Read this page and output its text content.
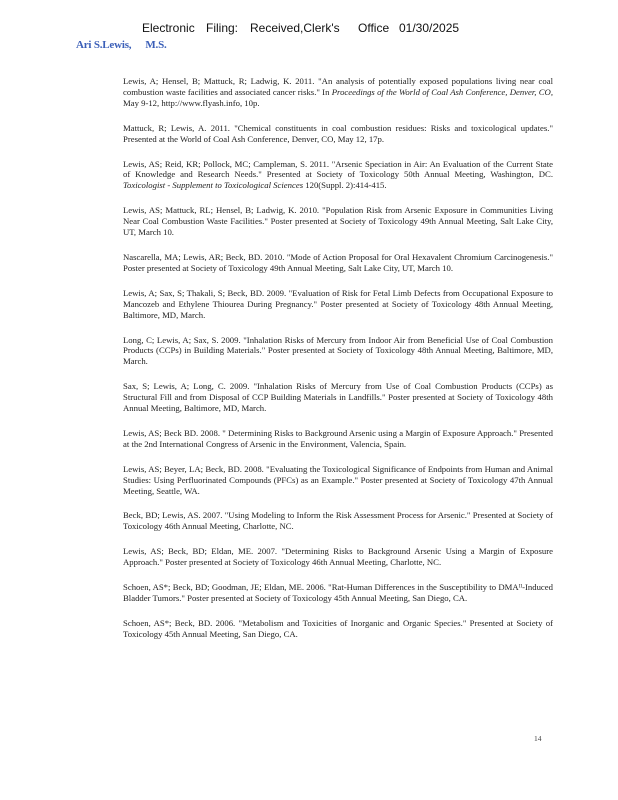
Electronic Filing: Received,Clerk's Office 01/30/2025
Ari S.Lewis, M.S.

Lewis, A; Hensel, B; Mattuck, R; Ladwig, K. 2011. "An analysis of potentially exposed populations living near coal combustion waste facilities and associated cancer risks." In Proceedings of the World of Coal Ash Conference, Denver, CO, May 9-12, http://www.flyash.info, 10p.

Mattuck, R; Lewis, A. 2011. "Chemical constituents in coal combustion residues: Risks and toxicological updates." Presented at the World of Coal Ash Conference, Denver, CO, May 12, 17p.

Lewis, AS; Reid, KR; Pollock, MC; Campleman, S. 2011. "Arsenic Speciation in Air: An Evaluation of the Current State of Knowledge and Research Needs." Presented at Society of Toxicology 50th Annual Meeting, Washington, DC. Toxicologist - Supplement to Toxicological Sciences 120(Suppl. 2):414-415.

Lewis, AS; Mattuck, RL; Hensel, B; Ladwig, K. 2010. "Population Risk from Arsenic Exposure in Communities Living Near Coal Combustion Waste Facilities." Poster presented at Society of Toxicology 49th Annual Meeting, Salt Lake City, UT, March 10.

Nascarella, MA; Lewis, AR; Beck, BD. 2010. "Mode of Action Proposal for Oral Hexavalent Chromium Carcinogenesis." Poster presented at Society of Toxicology 49th Annual Meeting, Salt Lake City, UT, March 10.

Lewis, A; Sax, S; Thakali, S; Beck, BD. 2009. "Evaluation of Risk for Fetal Limb Defects from Occupational Exposure to Mancozeb and Ethylene Thiourea During Pregnancy." Poster presented at Society of Toxicology 48th Annual Meeting, Baltimore, MD, March.

Long, C; Lewis, A; Sax, S. 2009. "Inhalation Risks of Mercury from Indoor Air from Beneficial Use of Coal Combustion Products (CCPs) in Building Materials." Poster presented at Society of Toxicology 48th Annual Meeting, Baltimore, MD, March.

Sax, S; Lewis, A; Long, C. 2009. "Inhalation Risks of Mercury from Use of Coal Combustion Products (CCPs) as Structural Fill and from Disposal of CCP Building Materials in Landfills." Poster presented at Society of Toxicology 48th Annual Meeting, Baltimore, MD, March.

Lewis, AS; Beck BD. 2008. " Determining Risks to Background Arsenic using a Margin of Exposure Approach." Presented at the 2nd International Congress of Arsenic in the Environment, Valencia, Spain.

Lewis, AS; Beyer, LA; Beck, BD. 2008. "Evaluating the Toxicological Significance of Endpoints from Human and Animal Studies: Using Perfluorinated Compounds (PFCs) as an Example." Poster presented at Society of Toxicology 47th Annual Meeting, Seattle, WA.

Beck, BD; Lewis, AS. 2007. "Using Modeling to Inform the Risk Assessment Process for Arsenic." Presented at Society of Toxicology 46th Annual Meeting, Charlotte, NC.

Lewis, AS; Beck, BD; Eldan, ME. 2007. "Determining Risks to Background Arsenic Using a Margin of Exposure Approach." Poster presented at Society of Toxicology 46th Annual Meeting, Charlotte, NC.

Schoen, AS*; Beck, BD; Goodman, JE; Eldan, ME. 2006. "Rat-Human Differences in the Susceptibility to DMAᴵᴵ-Induced Bladder Tumors." Poster presented at Society of Toxicology 45th Annual Meeting, San Diego, CA.

Schoen, AS*; Beck, BD. 2006. "Metabolism and Toxicities of Inorganic and Organic Species." Presented at Society of Toxicology 45th Annual Meeting, San Diego, CA.

14
